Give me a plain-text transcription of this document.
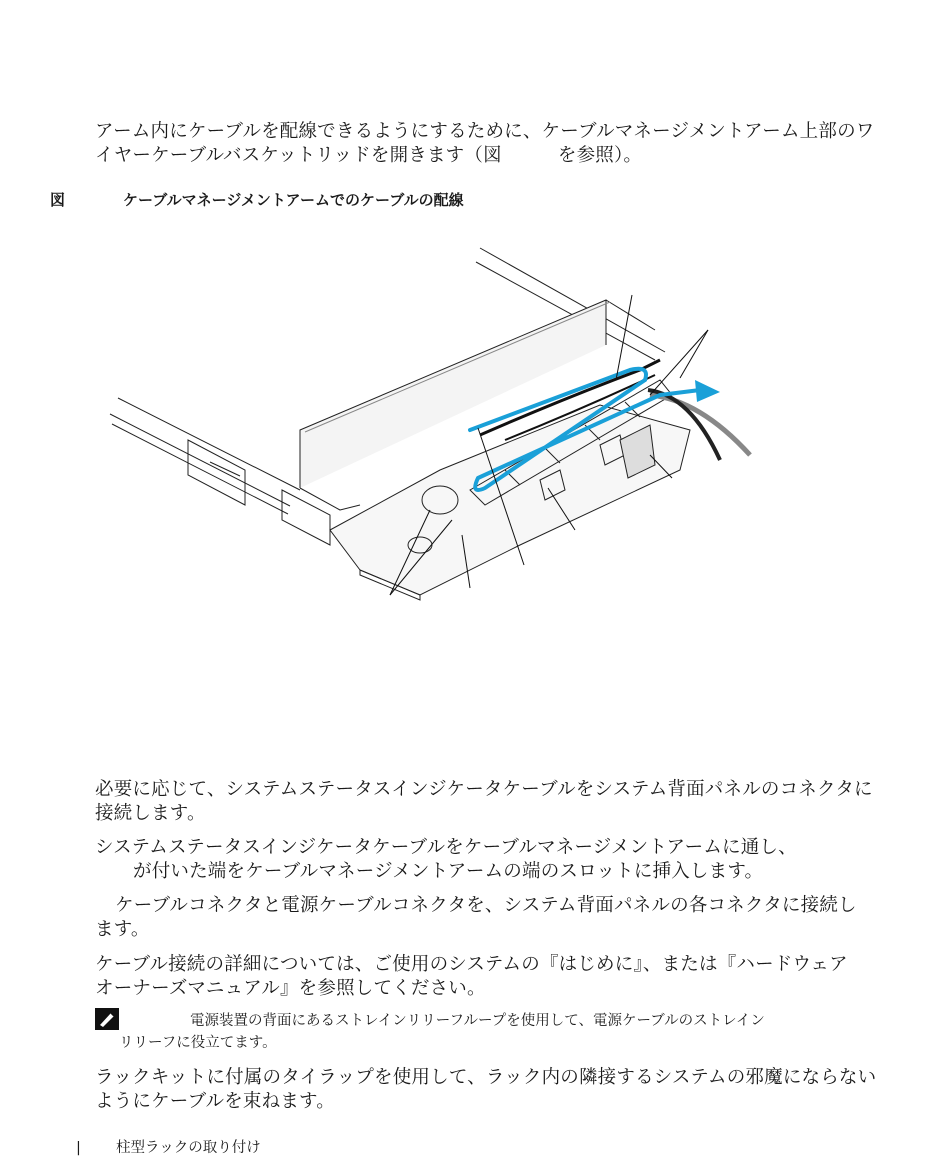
アーム内にケーブルを配線できるようにするために、ケーブルマネージメントアーム上部のワ

イヤーケーブルバスケットリッドを開きます（図　　　を参照）。

図	ケーブルマネージメントアームでのケーブルの配線

必要に応じて、システムステータスインジケータケーブルをシステム背面パネルのコネクタに

接続します。

システムステータスインジケータケーブルをケーブルマネージメントアームに通し、

が付いた端をケーブルマネージメントアームの端のスロットに挿入します。

ケーブルコネクタと電源ケーブルコネクタを、システム背面パネルの各コネクタに接続し

ます。

ケーブル接続の詳細については、ご使用のシステムの『はじめに』、または『ハードウェア

オーナーズマニュアル』を参照してください。

電源装置の背面にあるストレインリリーフループを使用して、電源ケーブルのストレイン
リリーフに役立てます。

ラックキットに付属のタイラップを使用して、ラック内の隣接するシステムの邪魔にならない

ようにケーブルを束ねます。

| 柱型ラックの取り付け
